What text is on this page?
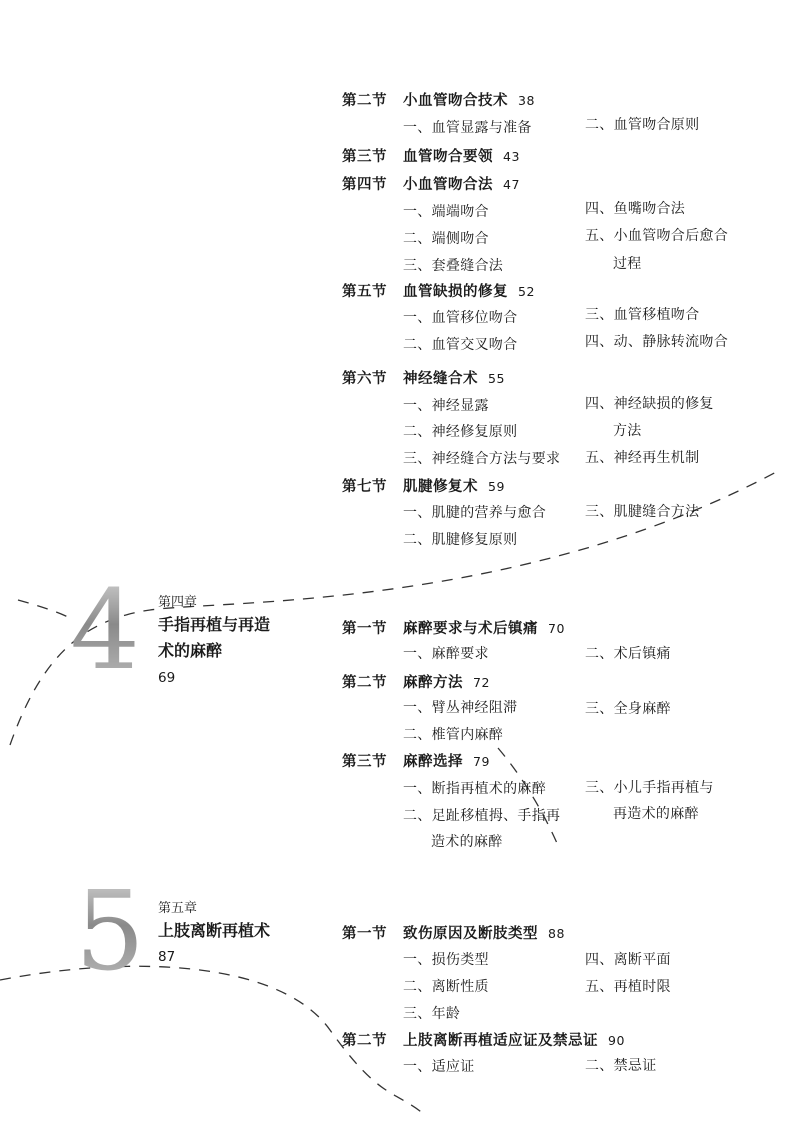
第二节 小血管吻合技术 38
一、血管显露与准备	二、血管吻合原则
第三节 血管吻合要领 43
第四节 小血管吻合法 47
一、端端吻合	四、鱼嘴吻合法
二、端侧吻合	五、小血管吻合后愈合
三、套叠缝合法	过程
第五节 血管缺损的修复 52
一、血管移位吻合	三、血管移植吻合
二、血管交叉吻合	四、动、静脉转流吻合
第六节 神经缝合术 55
一、神经显露	四、神经缺损的修复
二、神经修复原则	方法
三、神经缝合方法与要求 五、神经再生机制
第七节 肌腱修复术 59
一、肌腱的营养与愈合	三、肌腱缝合方法
二、肌腱修复原则
4 第四章
手指再植与再造术的麻醉
69
第一节 麻醉要求与术后镇痛 70
一、麻醉要求	二、术后镇痛
第二节 麻醉方法 72
一、臂丛神经阻滞	三、全身麻醉
二、椎管内麻醉
第三节 麻醉选择 79
一、断指再植术的麻醉	三、小儿手指再植与
二、足趾移植拇、手指再	再造术的麻醉
造术的麻醉
5 第五章
上肢离断再植术
87
第一节 致伤原因及断肢类型 88
一、损伤类型	四、离断平面
二、离断性质	五、再植时限
三、年龄
第二节 上肢离断再植适应证及禁忌证 90
一、适应证	二、禁忌证
